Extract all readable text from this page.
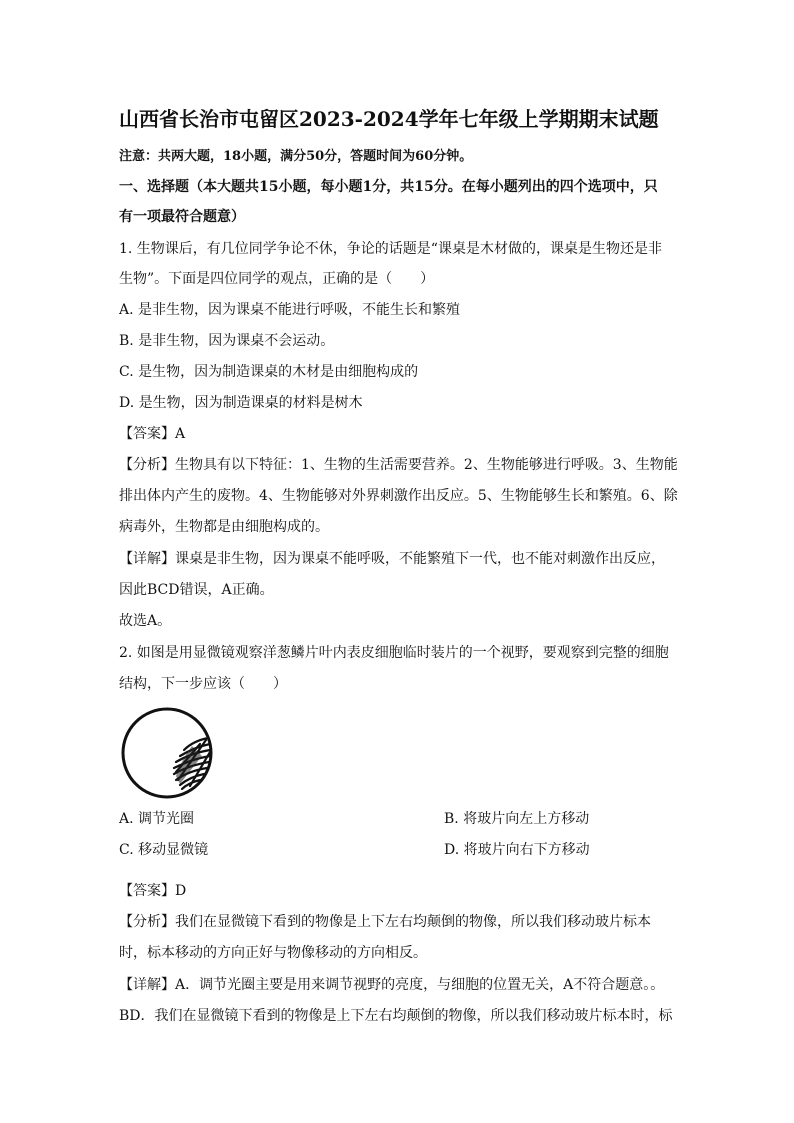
山西省长治市屯留区2023-2024学年七年级上学期期末试题
注意：共两大题，18小题，满分50分，答题时间为60分钟。
一、选择题（本大题共15小题，每小题1分，共15分。在每小题列出的四个选项中，只
有一项最符合题意）
1. 生物课后，有几位同学争论不休，争论的话题是“课桌是木材做的，课桌是生物还是非
生物”。下面是四位同学的观点，正确的是（　　）
A. 是非生物，因为课桌不能进行呼吸，不能生长和繁殖
B. 是非生物，因为课桌不会运动。
C. 是生物，因为制造课桌的木材是由细胞构成的
D. 是生物，因为制造课桌的材料是树木
【答案】A
【分析】生物具有以下特征：1、生物的生活需要营养。2、生物能够进行呼吸。3、生物能
排出体内产生的废物。4、生物能够对外界刺激作出反应。5、生物能够生长和繁殖。6、除
病毒外，生物都是由细胞构成的。
【详解】课桌是非生物，因为课桌不能呼吸，不能繁殖下一代，也不能对刺激作出反应，
因此BCD错误，A正确。
故选A。
2. 如图是用显微镜观察洋葱鳞片叶内表皮细胞临时装片的一个视野，要观察到完整的细胞
结构，下一步应该（　　）
A. 调节光圈	B. 将玻片向左上方移动
C. 移动显微镜	D. 将玻片向右下方移动
【答案】D
【分析】我们在显微镜下看到的物像是上下左右均颠倒的物像，所以我们移动玻片标本
时，标本移动的方向正好与物像移动的方向相反。
【详解】A．调节光圈主要是用来调节视野的亮度，与细胞的位置无关，A不符合题意。。
BD．我们在显微镜下看到的物像是上下左右均颠倒的物像，所以我们移动玻片标本时，标
